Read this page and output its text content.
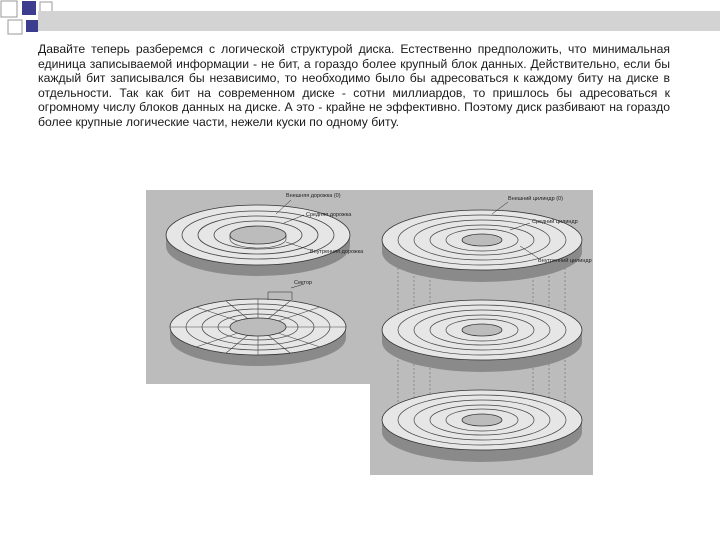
Давайте теперь разберемся с логической структурой диска. Естественно предположить, что минимальная единица записываемой информации - не бит, а гораздо более крупный блок данных. Действительно, если бы каждый бит записывался бы независимо, то необходимо было бы адресоваться к каждому биту на диске в отдельности. Так как бит на современном диске - сотни миллиардов, то пришлось бы адресоваться к огромному числу блоков данных на диске. А это - крайне не эффективно. Поэтому диск разбивают на гораздо более крупные логические части, нежели куски по одному биту.

Внешняя дорожка (0)
Средняя дорожка
Внутренняя дорожка
Сектор
Внешний цилиндр (0)
Средний цилиндр
Внутренний цилиндр
